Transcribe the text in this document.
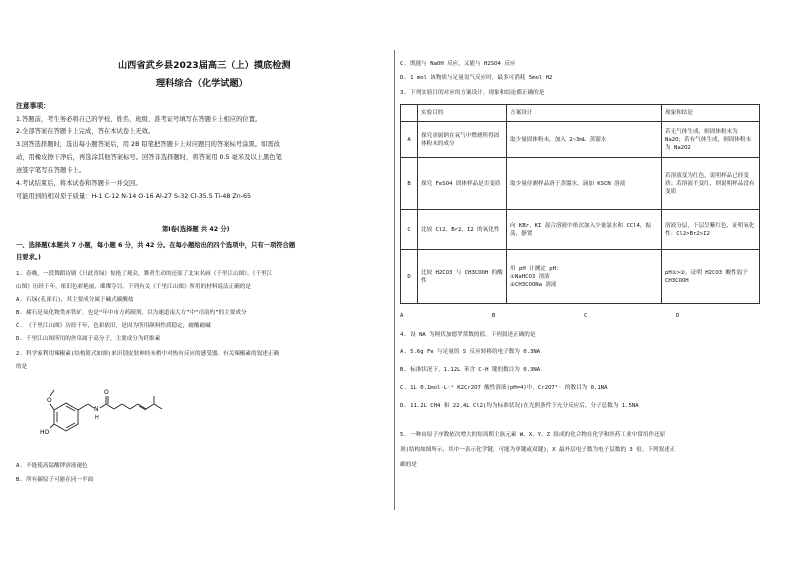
山西省武乡县2023届高三（上）摸底检测
理科综合（化学试题）
注意事项：
1.答题前，考生务必将自己的学校、姓名、班级、准考证号填写在答题卡上相应的位置。
2.全部答案在答题卡上完成，答在本试卷上无效。
3.回答选择题时，选出每小题答案后，用 2B 铅笔把答题卡上对应题目的答案标号涂黑。如需改
动，用橡皮擦干净后，再选涂其他答案标号。回答非选择题时，将答案用 0.5 毫米及以上黑色笔
迹签字笔写在答题卡上。
4.考试结束后，将本试卷和答题卡一并交回。
可能用到的相对原子质量：H-1 C-12 N-14 O-16 Al-27 S-32 Cl-35.5 Ti-48 Zn-65
第Ⅰ卷(选择题 共 42 分)
一、选择题(本题共 7 小题，每小题 6 分，共 42 分。在每小题给出的四个选项中，只有一项符合题
目要求。)
1. 春晚，一段舞蹈诗剧《只此青绿》惊艳了观众，舞者生动的还原了北宋名画《千里江山图》。《千里江
山图》历经千年，依旧色彩艳丽，璀璨夺目。下列有关《千里江山图》所用的材料说法正确的是
A. 石绿(孔雀石)，其主要成分属于碱式碳酸盐
B. 赭石是氧化物类赤铁矿，也是“年中市方药制剂，以为速道南大方”中“司南杓”的主要成分
C. 《千里江山图》历经千年，色彩依旧，是因为所用颜料性质稳定，耐酸耐碱
D. 千里江山图所用的丝帛属于高分子，主要成分为纤维素
2. 科学家利用辣椒素(结构简式如图)来识别皮肤神经末梢中对热有反应的感受器。有关辣椒素的叙述正确
的是
O
HO
N
H
O
A. 不能使高锰酸钾溶液褪色
B. 所有碳原子可能在同一平面
C. 既能与 NaOH 反应，又能与 H2SO4 反应
D. 1 mol 该物质与足量氢气反应时，最多可消耗 5mol H2
3. 下列实验目的对应的方案设计、现象和结论都正确的是
	实验目的	方案设计	现象和结论
A	探究金属钠在氧气中燃烧所得固体粉末的成分	取少量固体粉末，加入 2~3mL 蒸馏水	若无气体生成，则固体粉末为 Na2O；若有气体生成，则固体粉末为 Na2O2
B	探究 FeSO4 固体样品是否变质	取少量待测样品溶于蒸馏水，滴加 KSCN 溶液	若溶液变为红色，说明样品已经变质；若溶液不变红，则说明样品没有变质
C	比较 Cl2、Br2、I2 的氧化性	向 KBr、KI 混合溶液中依次加入少量氯水和 CCl4，振荡，静置	溶液分层，下层呈紫红色，证明氧化性：Cl2>Br2>I2
D	比较 H2CO3 与 CH3COOH 的酸性	用 pH 计测定 pH：
①NaHCO3 溶液
②CH3COONa 溶液	pH①>②，证明 H2CO3 酸性弱于 CH3COOH
A	B	C	D
4. 设 NA 为阿伏加德罗常数的值。下列叙述正确的是
A. 5.6g Fe 与足量的 S 反应转移的电子数为 0.3NA
B. 标准状况下，1.12L 苯含 C-H 键的数目为 0.3NA
C. 1L 0.1mol·L⁻¹ K2Cr2O7 酸性溶液(pH=4)中，Cr2O7²⁻ 的数目为 0.1NA
D. 11.2L CH4 和 22.4L Cl2(均为标准状况)在光照条件下充分反应后，分子总数为 1.5NA
5. 一种由原子序数依次增大的短周期主族元素 W、X、Y、Z 组成的化合物在化学和医药工业中常用作还原
剂(结构如图所示，其中一表示化学键，可能为单键或双键)，X 最外层电子数为电子层数的 3 倍。下列叙述正
确的是
